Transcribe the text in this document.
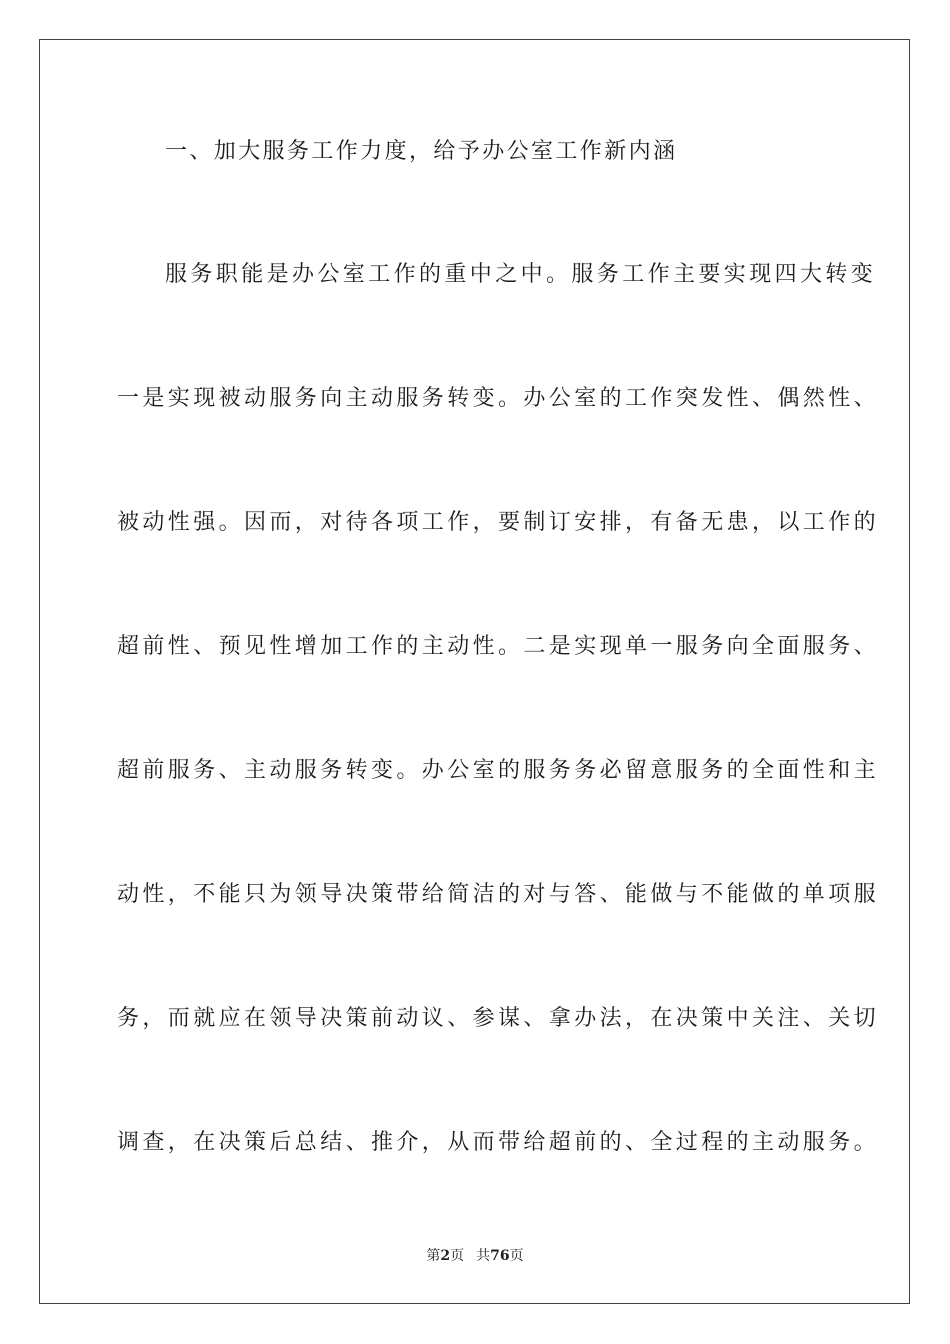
一、加大服务工作力度，给予办公室工作新内涵
服务职能是办公室工作的重中之中。服务工作主要实现四大转变
一是实现被动服务向主动服务转变。办公室的工作突发性、偶然性、
被动性强。因而，对待各项工作，要制订安排，有备无患，以工作的
超前性、预见性增加工作的主动性。二是实现单一服务向全面服务、
超前服务、主动服务转变。办公室的服务务必留意服务的全面性和主
动性，不能只为领导决策带给简洁的对与答、能做与不能做的单项服
务，而就应在领导决策前动议、参谋、拿办法，在决策中关注、关切
调查，在决策后总结、推介，从而带给超前的、全过程的主动服务。
第2页 共76页
